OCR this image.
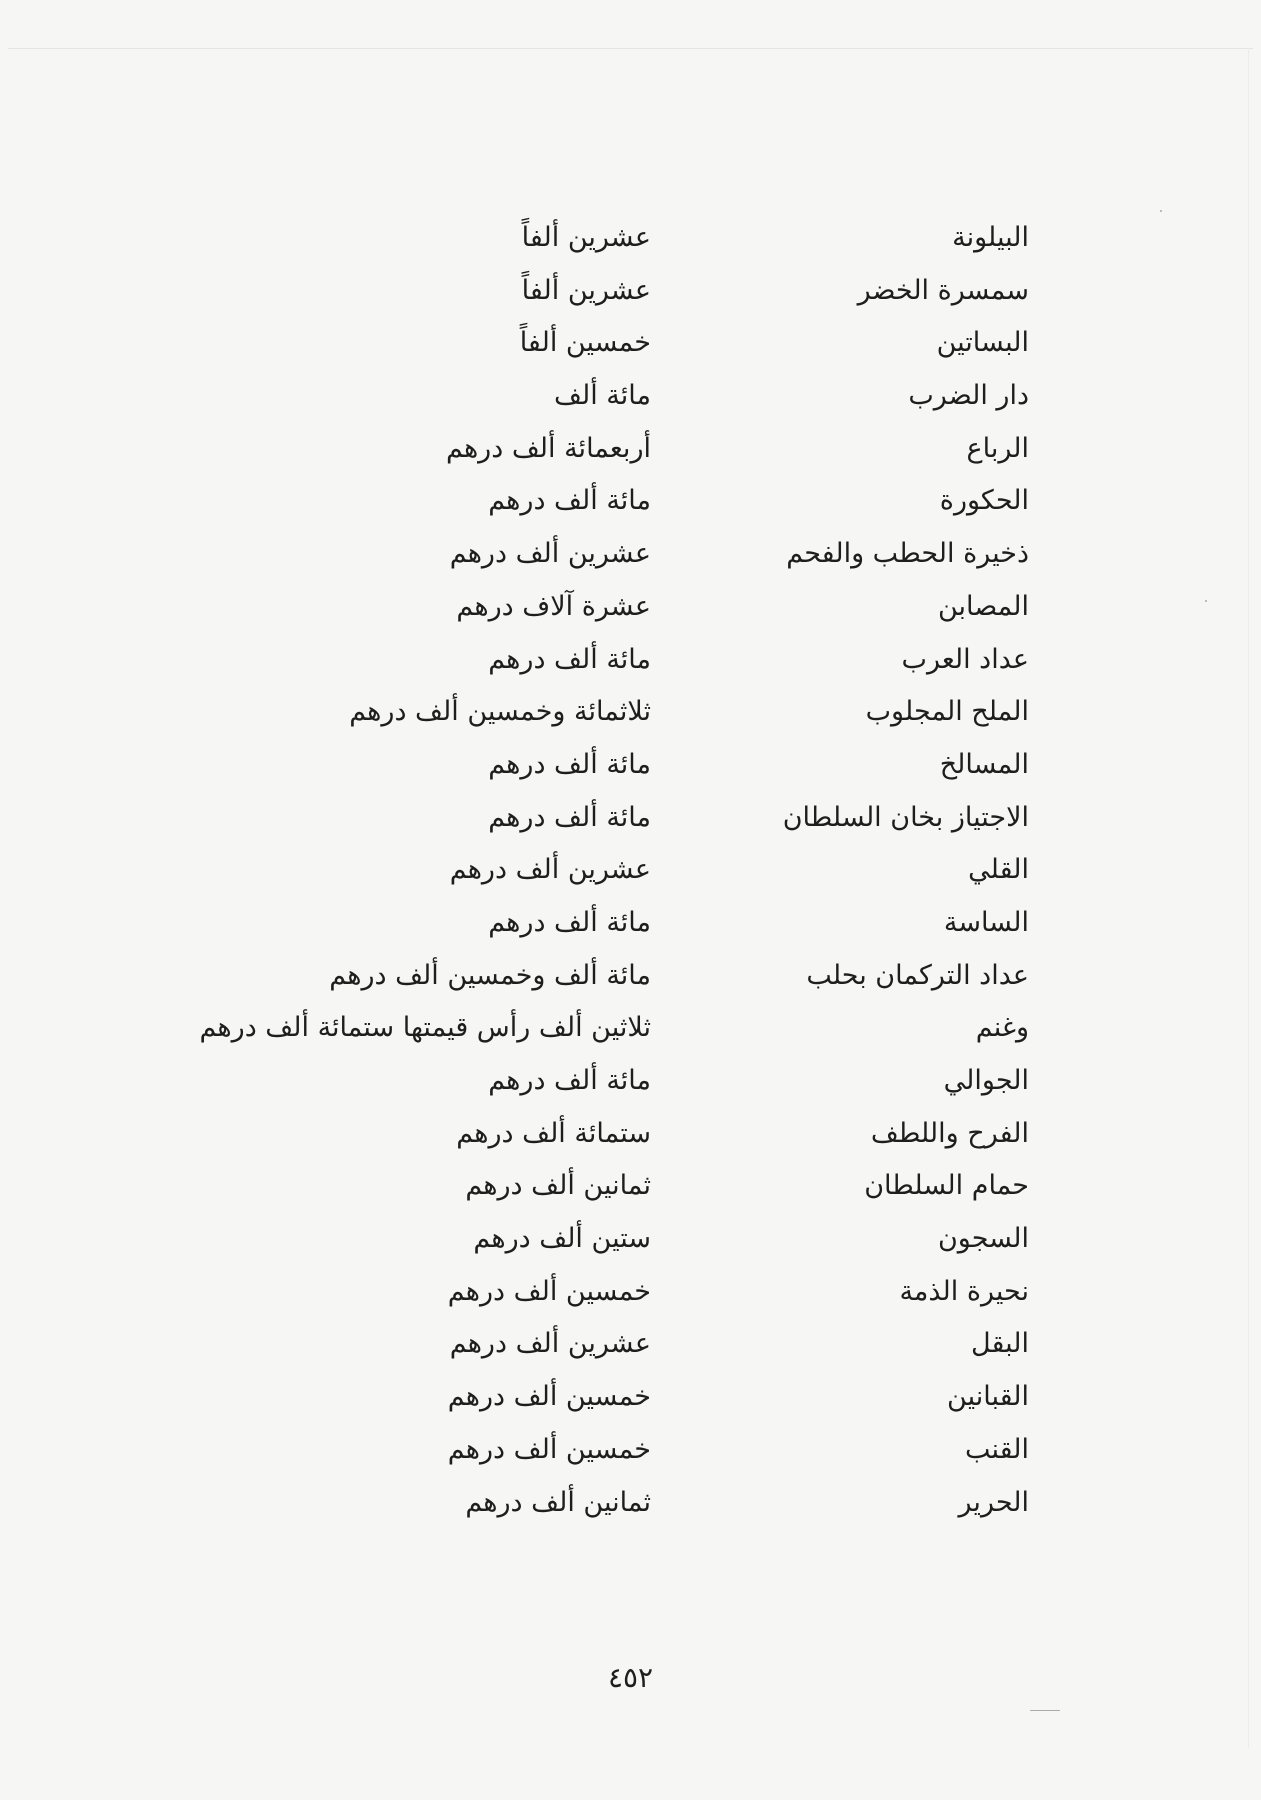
البيلونة
عشرين ألفاً
سمسرة الخضر
عشرين ألفاً
البساتين
خمسين ألفاً
دار الضرب
مائة ألف
الرباع
أربعمائة ألف درهم
الحكورة
مائة ألف درهم
ذخيرة الحطب والفحم
عشرين ألف درهم
المصابن
عشرة آلاف درهم
عداد العرب
مائة ألف درهم
الملح المجلوب
ثلاثمائة وخمسين ألف درهم
المسالخ
مائة ألف درهم
الاجتياز بخان السلطان
مائة ألف درهم
القلي
عشرين ألف درهم
الساسة
مائة ألف درهم
عداد التركمان بحلب
مائة ألف وخمسين ألف درهم
وغنم
ثلاثين ألف رأس قيمتها ستمائة ألف درهم
الجوالي
مائة ألف درهم
الفرح واللطف
ستمائة ألف درهم
حمام السلطان
ثمانين ألف درهم
السجون
ستين ألف درهم
نحيرة الذمة
خمسين ألف درهم
البقل
عشرين ألف درهم
القبانين
خمسين ألف درهم
القنب
خمسين ألف درهم
الحرير
ثمانين ألف درهم
٤٥٢
